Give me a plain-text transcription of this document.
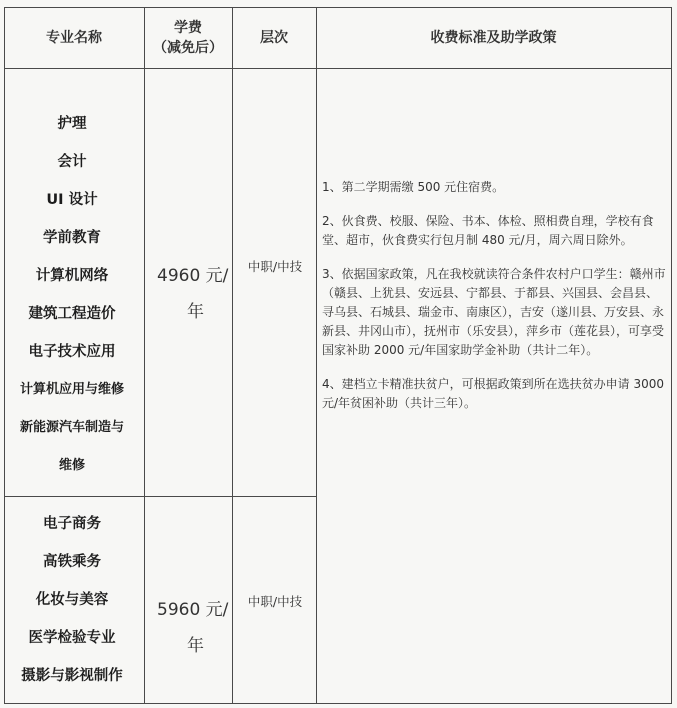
专业名称
学费
（减免后）
层次	收费标准及助学政策
护理
会计
UI 设计
学前教育
计算机网络
建筑工程造价
电子技术应用
计算机应用与维修
新能源汽车制造与
维修
4960 元/
年
中职/中技
电子商务
高铁乘务
化妆与美容
医学检验专业
摄影与影视制作
5960 元/
年
中职/中技

1、第二学期需缴 500 元住宿费。

2、伙食费、校服、保险、书本、体检、照相费自理，学校有食堂、超市，伙食费实行包月制 480 元/月，周六周日除外。

3、依据国家政策，凡在我校就读符合条件农村户口学生：赣州市（赣县、上犹县、安远县、宁都县、于都县、兴国县、会昌县、寻乌县、石城县、瑞金市、南康区），吉安（遂川县、万安县、永新县、井冈山市），抚州市（乐安县），萍乡市（莲花县），可享受国家补助 2000 元/年国家助学金补助（共计二年）。

4、建档立卡精准扶贫户，可根据政策到所在选扶贫办申请 3000 元/年贫困补助（共计三年）。
